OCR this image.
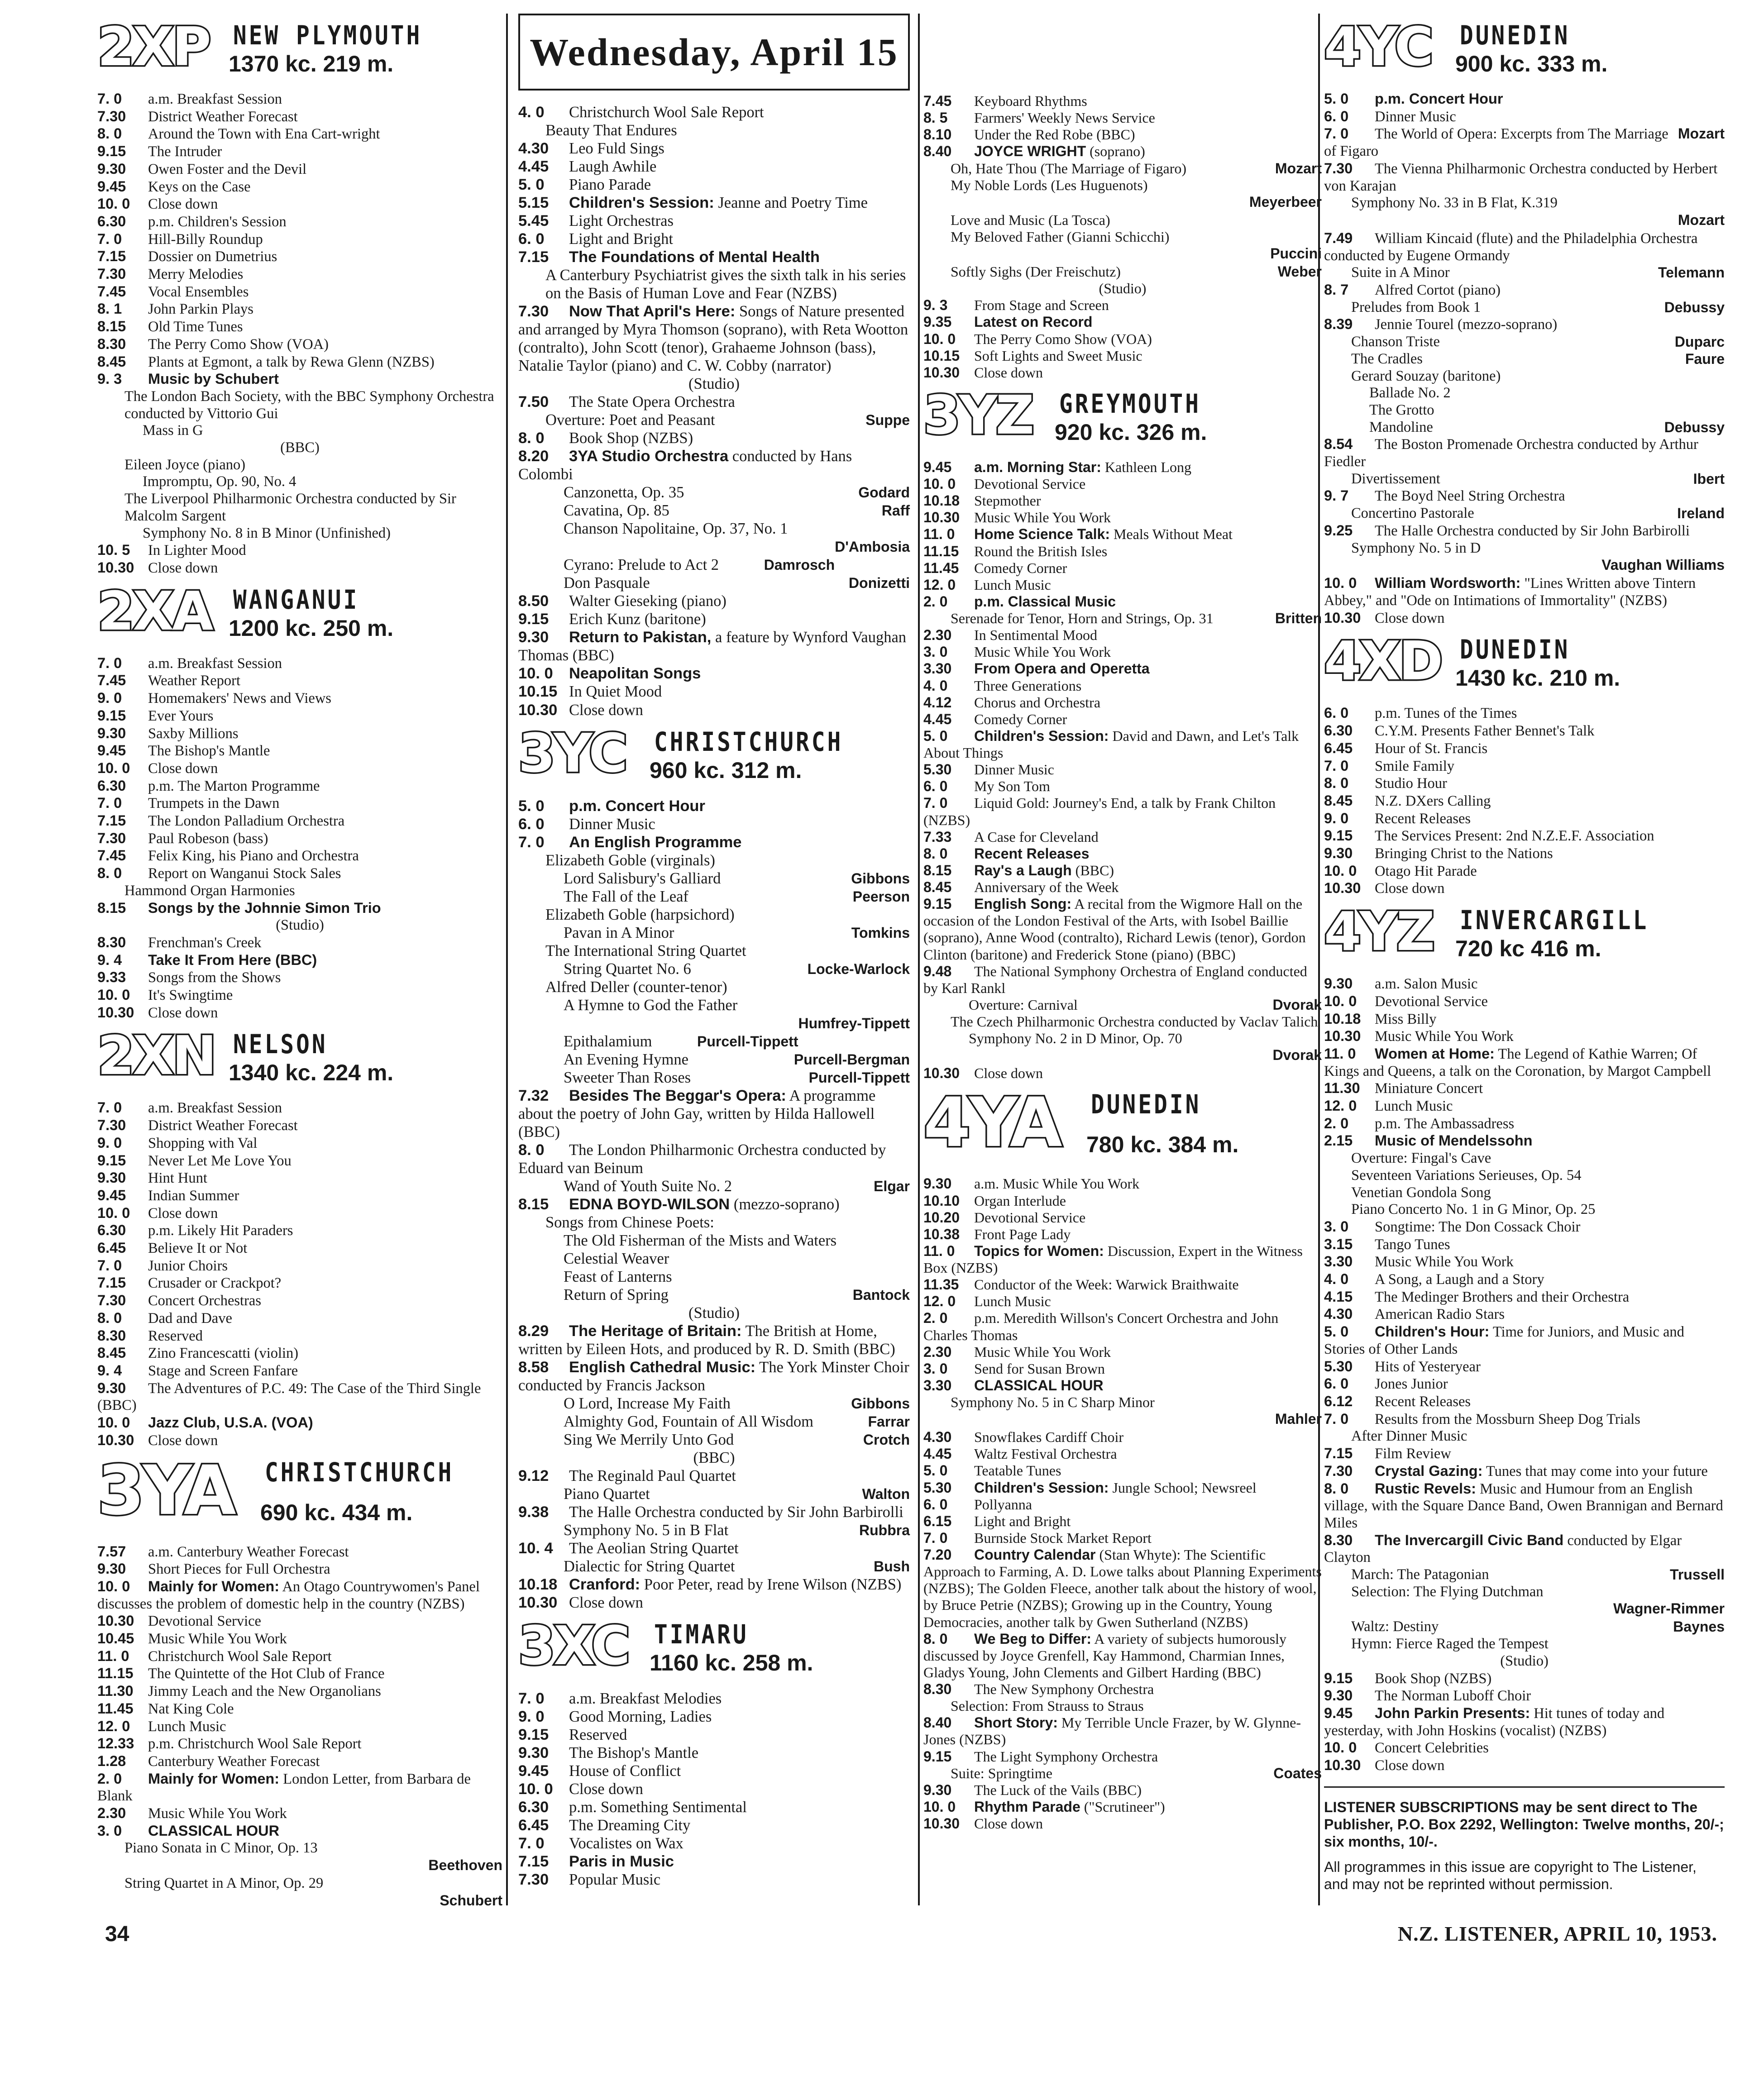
Wednesday, April 15
2XP NEW PLYMOUTH
1370 kc. 219 m.
7. 0 a.m. Breakfast Session
7.30 District Weather Forecast
8. 0 Around the Town with Ena Cart-wright
9.15 The Intruder
9.30 Owen Foster and the Devil
9.45 Keys on the Case
10. 0 Close down
6.30 p.m. Children's Session
7. 0 Hill-Billy Roundup
7.15 Dossier on Dumetrius
7.30 Merry Melodies
7.45 Vocal Ensembles
8. 1 John Parkin Plays
8.15 Old Time Tunes
8.30 The Perry Como Show (VOA)
8.45 Plants at Egmont, a talk by Rewa Glenn (NZBS)
9. 3 Music by Schubert
The London Bach Society, with the BBC Symphony Orchestra conducted by Vittorio Gui
Mass in G
(BBC)
Eileen Joyce (piano)
Impromptu, Op. 90, No. 4
The Liverpool Philharmonic Orchestra conducted by Sir Malcolm Sargent
Symphony No. 8 in B Minor (Unfinished)
10. 5 In Lighter Mood
10.30 Close down
2XA WANGANUI
1200 kc. 250 m.
7. 0 a.m. Breakfast Session
7.45 Weather Report
9. 0 Homemakers' News and Views
9.15 Ever Yours
9.30 Saxby Millions
9.45 The Bishop's Mantle
10. 0 Close down
6.30 p.m. The Marton Programme
7. 0 Trumpets in the Dawn
7.15 The London Palladium Orchestra
7.30 Paul Robeson (bass)
7.45 Felix King, his Piano and Orchestra
8. 0 Report on Wanganui Stock Sales
Hammond Organ Harmonies
8.15 Songs by the Johnnie Simon Trio
(Studio)
8.30 Frenchman's Creek
9. 4 Take It From Here (BBC)
9.33 Songs from the Shows
10. 0 It's Swingtime
10.30 Close down
2XN NELSON
1340 kc. 224 m.
7. 0 a.m. Breakfast Session
7.30 District Weather Forecast
9. 0 Shopping with Val
9.15 Never Let Me Love You
9.30 Hint Hunt
9.45 Indian Summer
10. 0 Close down
6.30 p.m. Likely Hit Paraders
6.45 Believe It or Not
7. 0 Junior Choirs
7.15 Crusader or Crackpot?
7.30 Concert Orchestras
8. 0 Dad and Dave
8.30 Reserved
8.45 Zino Francescatti (violin)
9. 4 Stage and Screen Fanfare
9.30 The Adventures of P.C. 49: The Case of the Third Single (BBC)
10. 0 Jazz Club, U.S.A. (VOA)
10.30 Close down
3YA CHRISTCHURCH
690 kc. 434 m.
7.57 a.m. Canterbury Weather Forecast
9.30 Short Pieces for Full Orchestra
10. 0 Mainly for Women: An Otago Countrywomen's Panel discusses the problem of domestic help in the country (NZBS)
10.30 Devotional Service
10.45 Music While You Work
11. 0 Christchurch Wool Sale Report
11.15 The Quintette of the Hot Club of France
11.30 Jimmy Leach and the New Organolians
11.45 Nat King Cole
12. 0 Lunch Music
12.33 p.m. Christchurch Wool Sale Report
1.28 Canterbury Weather Forecast
2. 0 Mainly for Women: London Letter, from Barbara de Blank
2.30 Music While You Work
3. 0 CLASSICAL HOUR
Piano Sonata in C Minor, Op. 13
Beethoven
String Quartet in A Minor, Op. 29
Schubert
4. 0 Christchurch Wool Sale Report
Beauty That Endures
4.30 Leo Fuld Sings
4.45 Laugh Awhile
5. 0 Piano Parade
5.15 Children's Session: Jeanne and Poetry Time
5.45 Light Orchestras
6. 0 Light and Bright
7.15 The Foundations of Mental Health
A Canterbury Psychiatrist gives the sixth talk in his series on the Basis of Human Love and Fear (NZBS)
7.30 Now That April's Here: Songs of Nature presented and arranged by Myra Thomson (soprano), with Reta Wootton (contralto), John Scott (tenor), Grahaeme Johnson (bass), Natalie Taylor (piano) and C. W. Cobby (narrator)
(Studio)
7.50 The State Opera Orchestra
Suppe
Overture: Poet and Peasant
8. 0 Book Shop (NZBS)
8.20 3YA Studio Orchestra conducted by Hans Colombi
Godard
Canzonetta, Op. 35
Raff
Cavatina, Op. 85
Chanson Napolitaine, Op. 37, No. 1
D'Ambosia
Damrosch
Cyrano: Prelude to Act 2
Donizetti
Don Pasquale
8.50 Walter Gieseking (piano)
9.15 Erich Kunz (baritone)
9.30 Return to Pakistan, a feature by Wynford Vaughan Thomas (BBC)
10. 0 Neapolitan Songs
10.15 In Quiet Mood
10.30 Close down
3YC CHRISTCHURCH
960 kc. 312 m.
5. 0 p.m. Concert Hour
6. 0 Dinner Music
7. 0 An English Programme
Elizabeth Goble (virginals)
Gibbons
Lord Salisbury's Galliard
Peerson
The Fall of the Leaf
Elizabeth Goble (harpsichord)
Tomkins
Pavan in A Minor
The International String Quartet
Locke-Warlock
String Quartet No. 6
Alfred Deller (counter-tenor)
A Hymne to God the Father
Humfrey-Tippett
Purcell-Tippett
Epithalamium
Purcell-Bergman
An Evening Hymne
Purcell-Tippett
Sweeter Than Roses
7.32 Besides The Beggar's Opera: A programme about the poetry of John Gay, written by Hilda Hallowell (BBC)
8. 0 The London Philharmonic Orchestra conducted by Eduard van Beinum
Elgar
Wand of Youth Suite No. 2
8.15 EDNA BOYD-WILSON (mezzo-soprano)
Songs from Chinese Poets:
The Old Fisherman of the Mists and Waters
Celestial Weaver
Feast of Lanterns
Bantock
Return of Spring
(Studio)
8.29 The Heritage of Britain: The British at Home, written by Eileen Hots, and produced by R. D. Smith (BBC)
8.58 English Cathedral Music: The York Minster Choir conducted by Francis Jackson
Gibbons
O Lord, Increase My Faith
Farrar
Almighty God, Fountain of All Wisdom
Crotch
Sing We Merrily Unto God
(BBC)
9.12 The Reginald Paul Quartet
Walton
Piano Quartet
9.38 The Halle Orchestra conducted by Sir John Barbirolli
Rubbra
Symphony No. 5 in B Flat
10. 4 The Aeolian String Quartet
Bush
Dialectic for String Quartet
10.18 Cranford: Poor Peter, read by Irene Wilson (NZBS)
10.30 Close down
3XC TIMARU
1160 kc. 258 m.
7. 0 a.m. Breakfast Melodies
9. 0 Good Morning, Ladies
9.15 Reserved
9.30 The Bishop's Mantle
9.45 House of Conflict
10. 0 Close down
6.30 p.m. Something Sentimental
6.45 The Dreaming City
7. 0 Vocalistes on Wax
7.15 Paris in Music
7.30 Popular Music
7.45 Keyboard Rhythms
8. 5 Farmers' Weekly News Service
8.10 Under the Red Robe (BBC)
8.40 JOYCE WRIGHT (soprano)
Mozart
Oh, Hate Thou (The Marriage of Figaro)
My Noble Lords (Les Huguenots)
Meyerbeer
Love and Music (La Tosca)
My Beloved Father (Gianni Schicchi)
Puccini
Weber
Softly Sighs (Der Freischutz)
(Studio)
9. 3 From Stage and Screen
9.35 Latest on Record
10. 0 The Perry Como Show (VOA)
10.15 Soft Lights and Sweet Music
10.30 Close down
3YZ GREYMOUTH
920 kc. 326 m.
9.45 a.m. Morning Star: Kathleen Long
10. 0 Devotional Service
10.18 Stepmother
10.30 Music While You Work
11. 0 Home Science Talk: Meals Without Meat
11.15 Round the British Isles
11.45 Comedy Corner
12. 0 Lunch Music
2. 0 p.m. Classical Music
Britten
Serenade for Tenor, Horn and Strings, Op. 31
2.30 In Sentimental Mood
3. 0 Music While You Work
3.30 From Opera and Operetta
4. 0 Three Generations
4.12 Chorus and Orchestra
4.45 Comedy Corner
5. 0 Children's Session: David and Dawn, and Let's Talk About Things
5.30 Dinner Music
6. 0 My Son Tom
7. 0 Liquid Gold: Journey's End, a talk by Frank Chilton (NZBS)
7.33 A Case for Cleveland
8. 0 Recent Releases
8.15 Ray's a Laugh (BBC)
8.45 Anniversary of the Week
9.15 English Song: A recital from the Wigmore Hall on the occasion of the London Festival of the Arts, with Isobel Baillie (soprano), Anne Wood (contralto), Richard Lewis (tenor), Gordon Clinton (baritone) and Frederick Stone (piano) (BBC)
9.48 The National Symphony Orchestra of England conducted by Karl Rankl
Dvorak
Overture: Carnival
The Czech Philharmonic Orchestra conducted by Vaclav Talich
Symphony No. 2 in D Minor, Op. 70
Dvorak
10.30 Close down
4YA DUNEDIN
780 kc. 384 m.
9.30 a.m. Music While You Work
10.10 Organ Interlude
10.20 Devotional Service
10.38 Front Page Lady
11. 0 Topics for Women: Discussion, Expert in the Witness Box (NZBS)
11.35 Conductor of the Week: Warwick Braithwaite
12. 0 Lunch Music
2. 0 p.m. Meredith Willson's Concert Orchestra and John Charles Thomas
2.30 Music While You Work
3. 0 Send for Susan Brown
3.30 CLASSICAL HOUR
Symphony No. 5 in C Sharp Minor
Mahler
4.30 Snowflakes Cardiff Choir
4.45 Waltz Festival Orchestra
5. 0 Teatable Tunes
5.30 Children's Session: Jungle School; Newsreel
6. 0 Pollyanna
6.15 Light and Bright
7. 0 Burnside Stock Market Report
7.20 Country Calendar (Stan Whyte): The Scientific Approach to Farming, A. D. Lowe talks about Planning Experiments (NZBS); The Golden Fleece, another talk about the history of wool, by Bruce Petrie (NZBS); Growing up in the Country, Young Democracies, another talk by Gwen Sutherland (NZBS)
8. 0 We Beg to Differ: A variety of subjects humorously discussed by Joyce Grenfell, Kay Hammond, Charmian Innes, Gladys Young, John Clements and Gilbert Harding (BBC)
8.30 The New Symphony Orchestra
Selection: From Strauss to Straus
8.40 Short Story: My Terrible Uncle Frazer, by W. Glynne-Jones (NZBS)
9.15 The Light Symphony Orchestra
Coates
Suite: Springtime
9.30 The Luck of the Vails (BBC)
10. 0 Rhythm Parade ("Scrutineer")
10.30 Close down
4YC DUNEDIN
900 kc. 333 m.
5. 0 p.m. Concert Hour
6. 0 Dinner Music
Mozart
7. 0 The World of Opera: Excerpts from The Marriage of Figaro
7.30 The Vienna Philharmonic Orchestra conducted by Herbert von Karajan
Symphony No. 33 in B Flat, K.319
Mozart
7.49 William Kincaid (flute) and the Philadelphia Orchestra conducted by Eugene Ormandy
Telemann
Suite in A Minor
8. 7 Alfred Cortot (piano)
Debussy
Preludes from Book 1
8.39 Jennie Tourel (mezzo-soprano)
Duparc
Chanson Triste
Faure
The Cradles
Gerard Souzay (baritone)
Ballade No. 2
The Grotto
Debussy
Mandoline
8.54 The Boston Promenade Orchestra conducted by Arthur Fiedler
Ibert
Divertissement
9. 7 The Boyd Neel String Orchestra
Ireland
Concertino Pastorale
9.25 The Halle Orchestra conducted by Sir John Barbirolli
Symphony No. 5 in D
Vaughan Williams
10. 0 William Wordsworth: "Lines Written above Tintern Abbey," and "Ode on Intimations of Immortality" (NZBS)
10.30 Close down
4XD DUNEDIN
1430 kc. 210 m.
6. 0 p.m. Tunes of the Times
6.30 C.Y.M. Presents Father Bennet's Talk
6.45 Hour of St. Francis
7. 0 Smile Family
8. 0 Studio Hour
8.45 N.Z. DXers Calling
9. 0 Recent Releases
9.15 The Services Present: 2nd N.Z.E.F. Association
9.30 Bringing Christ to the Nations
10. 0 Otago Hit Parade
10.30 Close down
4YZ INVERCARGILL
720 kc 416 m.
9.30 a.m. Salon Music
10. 0 Devotional Service
10.18 Miss Billy
10.30 Music While You Work
11. 0 Women at Home: The Legend of Kathie Warren; Of Kings and Queens, a talk on the Coronation, by Margot Campbell
11.30 Miniature Concert
12. 0 Lunch Music
2. 0 p.m. The Ambassadress
2.15 Music of Mendelssohn
Overture: Fingal's Cave
Seventeen Variations Serieuses, Op. 54
Venetian Gondola Song
Piano Concerto No. 1 in G Minor, Op. 25
3. 0 Songtime: The Don Cossack Choir
3.15 Tango Tunes
3.30 Music While You Work
4. 0 A Song, a Laugh and a Story
4.15 The Medinger Brothers and their Orchestra
4.30 American Radio Stars
5. 0 Children's Hour: Time for Juniors, and Music and Stories of Other Lands
5.30 Hits of Yesteryear
6. 0 Jones Junior
6.12 Recent Releases
7. 0 Results from the Mossburn Sheep Dog Trials
After Dinner Music
7.15 Film Review
7.30 Crystal Gazing: Tunes that may come into your future
8. 0 Rustic Revels: Music and Humour from an English village, with the Square Dance Band, Owen Brannigan and Bernard Miles
8.30 The Invercargill Civic Band conducted by Elgar Clayton
Trussell
March: The Patagonian
Selection: The Flying Dutchman
Wagner-Rimmer
Baynes
Waltz: Destiny
Hymn: Fierce Raged the Tempest
(Studio)
9.15 Book Shop (NZBS)
9.30 The Norman Luboff Choir
9.45 John Parkin Presents: Hit tunes of today and yesterday, with John Hoskins (vocalist) (NZBS)
10. 0 Concert Celebrities
10.30 Close down

LISTENER SUBSCRIPTIONS may be sent direct to The Publisher, P.O. Box 2292, Wellington: Twelve months, 20/-; six months, 10/-.

All programmes in this issue are copyright to The Listener, and may not be reprinted without permission.

34	N.Z. LISTENER, APRIL 10, 1953.
